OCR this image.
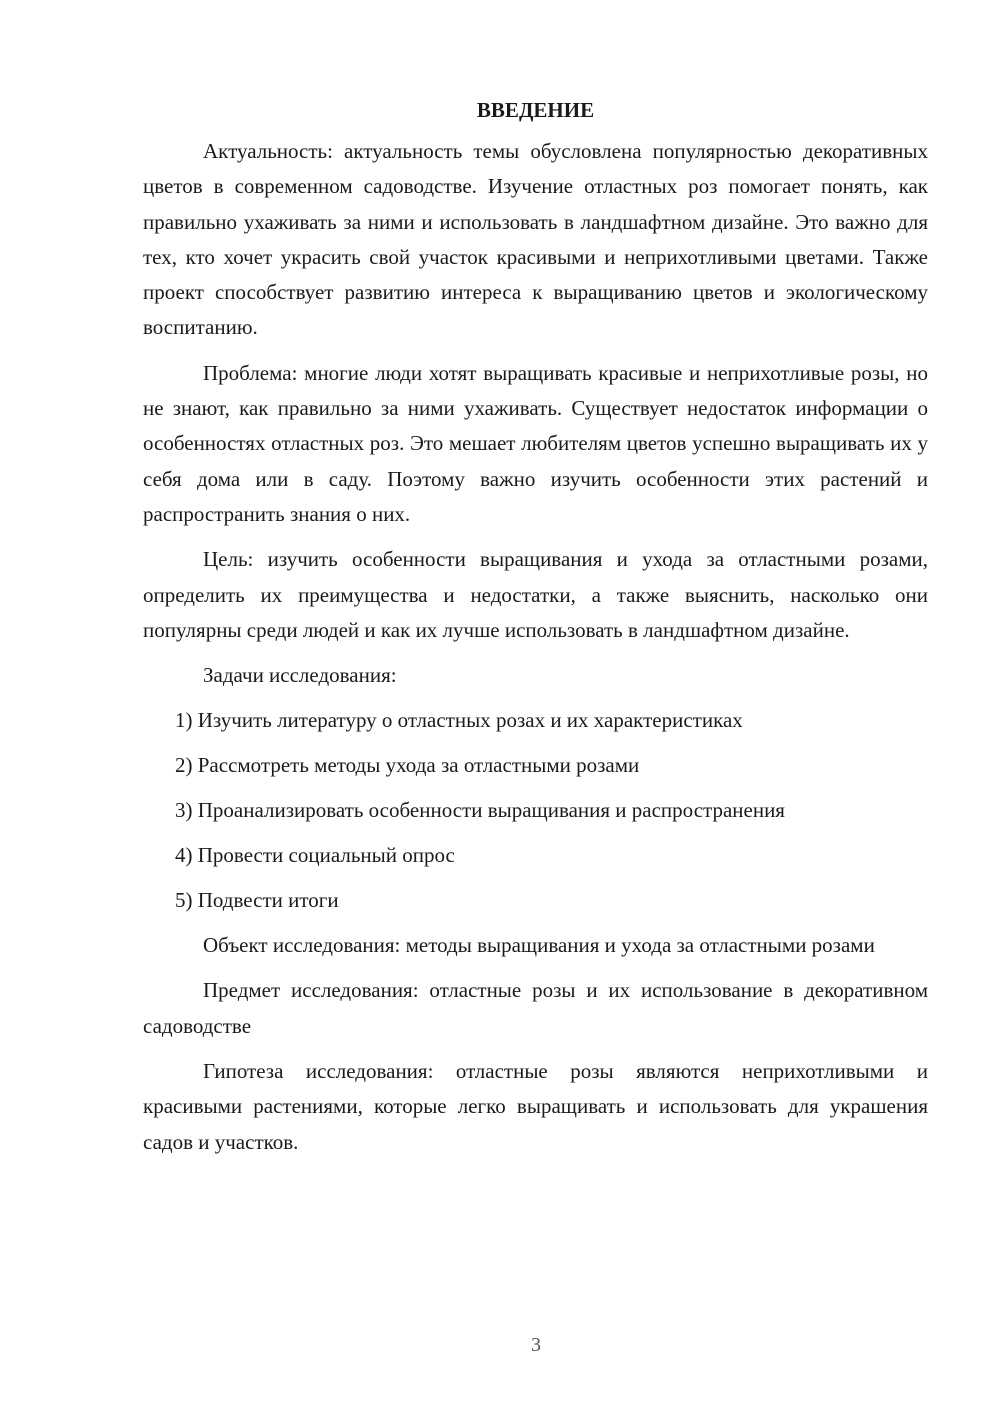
ВВЕДЕНИЕ

Актуальность: актуальность темы обусловлена популярностью декоративных цветов в современном садоводстве. Изучение отластных роз помогает понять, как правильно ухаживать за ними и использовать в ландшафтном дизайне. Это важно для тех, кто хочет украсить свой участок красивыми и неприхотливыми цветами. Также проект способствует развитию интереса к выращиванию цветов и экологическому воспитанию.

Проблема: многие люди хотят выращивать красивые и неприхотливые розы, но не знают, как правильно за ними ухаживать. Существует недостаток информации о особенностях отластных роз. Это мешает любителям цветов успешно выращивать их у себя дома или в саду. Поэтому важно изучить особенности этих растений и распространить знания о них.

Цель: изучить особенности выращивания и ухода за отластными розами, определить их преимущества и недостатки, а также выяснить, насколько они популярны среди людей и как их лучше использовать в ландшафтном дизайне.

Задачи исследования:
1) Изучить литературу о отластных розах и их характеристиках
2) Рассмотреть методы ухода за отластными розами
3) Проанализировать особенности выращивания и распространения
4) Провести социальный опрос
5) Подвести итоги

Объект исследования: методы выращивания и ухода за отластными розами

Предмет исследования: отластные розы и их использование в декоративном садоводстве

Гипотеза исследования: отластные розы являются неприхотливыми и красивыми растениями, которые легко выращивать и использовать для украшения садов и участков.

3
